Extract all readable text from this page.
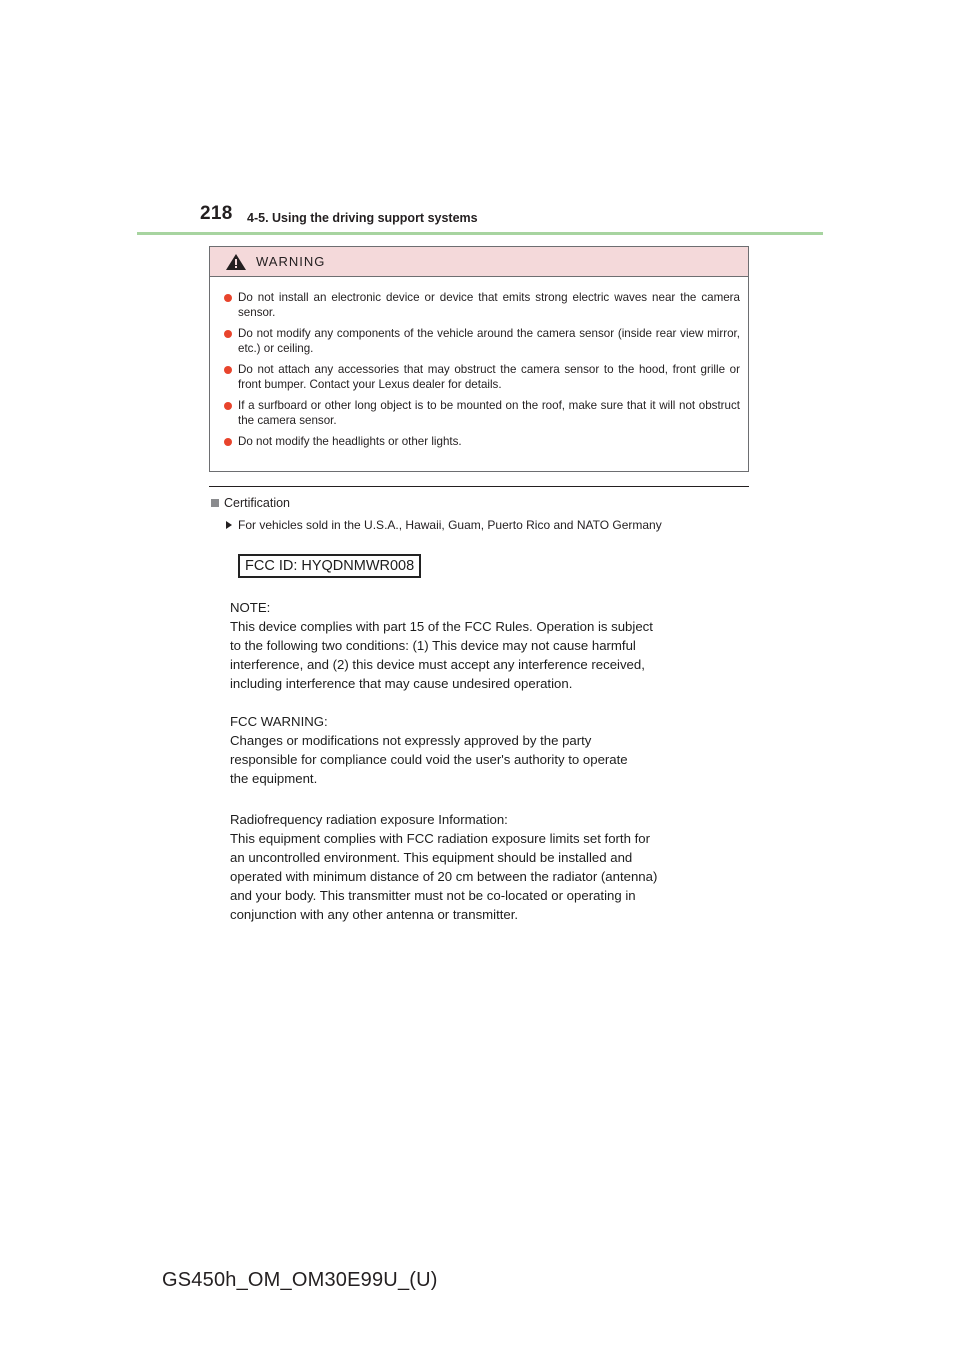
218 4-5. Using the driving support systems
WARNING
Do not install an electronic device or device that emits strong electric waves near the camera sensor.
Do not modify any components of the vehicle around the camera sensor (inside rear view mirror, etc.) or ceiling.
Do not attach any accessories that may obstruct the camera sensor to the hood, front grille or front bumper. Contact your Lexus dealer for details.
If a surfboard or other long object is to be mounted on the roof, make sure that it will not obstruct the camera sensor.
Do not modify the headlights or other lights.
Certification
For vehicles sold in the U.S.A., Hawaii, Guam, Puerto Rico and NATO Germany
FCC ID: HYQDNMWR008
NOTE:
This device complies with part 15 of the FCC Rules. Operation is subject
to the following two conditions: (1) This device may not cause harmful
interference, and (2) this device must accept any interference received,
including interference that may cause undesired operation.
FCC WARNING:
Changes or modifications not expressly approved by the party
responsible for compliance could void the user's authority to operate
the equipment.
Radiofrequency radiation exposure Information:
This equipment complies with FCC radiation exposure limits set forth for
an uncontrolled environment. This equipment should be installed and
operated with minimum distance of 20 cm between the radiator (antenna)
and your body. This transmitter must not be co-located or operating in
conjunction with any other antenna or transmitter.
GS450h_OM_OM30E99U_(U)
